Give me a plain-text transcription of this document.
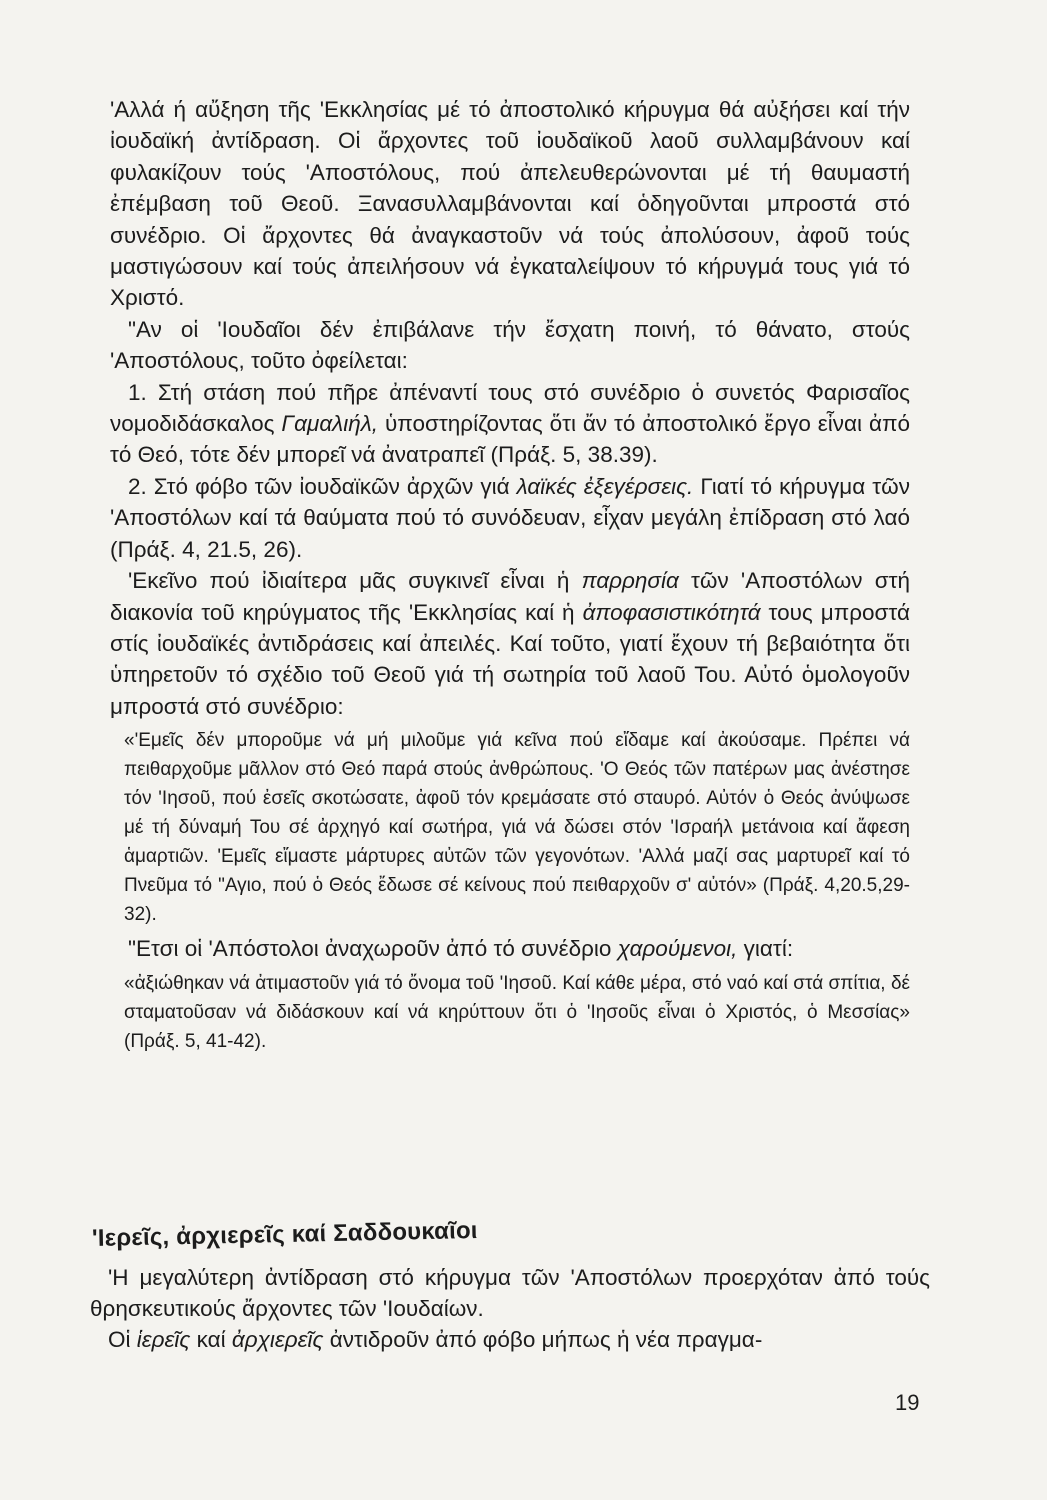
'Αλλά ή αὔξηση τῆς 'Εκκλησίας μέ τό ἀποστολικό κήρυγμα θά αὐξήσει καί τήν ἰουδαϊκή ἀντίδραση. Οἱ ἄρχοντες τοῦ ἰουδαϊκοῦ λαοῦ συλλαμβάνουν καί φυλακίζουν τούς 'Αποστόλους, πού ἀπελευθερώνονται μέ τή θαυμαστή ἐπέμβαση τοῦ Θεοῦ. Ξανασυλλαμβάνονται καί ὁδηγοῦνται μπροστά στό συνέδριο. Οἱ ἄρχοντες θά ἀναγκαστοῦν νά τούς ἀπολύσουν, ἀφοῦ τούς μαστιγώσουν καί τούς ἀπειλήσουν νά ἐγκαταλείψουν τό κήρυγμά τους γιά τό Χριστό.

"Αν οἱ 'Ιουδαῖοι δέν ἐπιβάλανε τήν ἔσχατη ποινή, τό θάνατο, στούς 'Αποστόλους, τοῦτο ὀφείλεται:

1. Στή στάση πού πῆρε ἀπέναντί τους στό συνέδριο ὁ συνετός Φαρισαῖος νομοδιδάσκαλος Γαμαλιήλ, ὑποστηρίζοντας ὅτι ἄν τό ἀποστολικό ἔργο εἶναι ἀπό τό Θεό, τότε δέν μπορεῖ νά ἀνατραπεῖ (Πράξ. 5, 38.39).

2. Στό φόβο τῶν ἰουδαϊκῶν ἀρχῶν γιά λαϊκές ἐξεγέρσεις. Γιατί τό κήρυγμα τῶν 'Αποστόλων καί τά θαύματα πού τό συνόδευαν, εἶχαν μεγάλη ἐπίδραση στό λαό (Πράξ. 4, 21.5, 26).

'Εκεῖνο πού ἰδιαίτερα μᾶς συγκινεῖ εἶναι ἡ παρρησία τῶν 'Αποστόλων στή διακονία τοῦ κηρύγματος τῆς 'Εκκλησίας καί ἡ ἀποφασιστικότητά τους μπροστά στίς ἰουδαϊκές ἀντιδράσεις καί ἀπειλές. Καί τοῦτο, γιατί ἔχουν τή βεβαιότητα ὅτι ὑπηρετοῦν τό σχέδιο τοῦ Θεοῦ γιά τή σωτηρία τοῦ λαοῦ Του. Αὐτό ὁμολογοῦν μπροστά στό συνέδριο:

«'Εμεῖς δέν μποροῦμε νά μή μιλοῦμε γιά κεῖνα πού εἴδαμε καί ἀκούσαμε. Πρέπει νά πειθαρχοῦμε μᾶλλον στό Θεό παρά στούς ἀνθρώπους. 'Ο Θεός τῶν πατέρων μας ἀνέστησε τόν 'Ιησοῦ, πού ἐσεῖς σκοτώσατε, ἀφοῦ τόν κρεμάσατε στό σταυρό. Αὐτόν ὁ Θεός ἀνύψωσε μέ τή δύναμή Του σέ ἀρχηγό καί σωτήρα, γιά νά δώσει στόν 'Ισραήλ μετάνοια καί ἄφεση ἁμαρτιῶν. 'Εμεῖς εἴμαστε μάρτυρες αὐτῶν τῶν γεγονότων. 'Αλλά μαζί σας μαρτυρεῖ καί τό Πνεῦμα τό "Αγιο, πού ὁ Θεός ἔδωσε σέ κείνους πού πειθαρχοῦν σ' αὐτόν» (Πράξ. 4,20.5,29-32).

"Ετσι οἱ 'Απόστολοι ἀναχωροῦν ἀπό τό συνέδριο χαρούμενοι, γιατί:

«ἀξιώθηκαν νά ἀτιμαστοῦν γιά τό ὄνομα τοῦ 'Ιησοῦ. Καί κάθε μέρα, στό ναό καί στά σπίτια, δέ σταματοῦσαν νά διδάσκουν καί νά κηρύττουν ὅτι ὁ 'Ιησοῦς εἶναι ὁ Χριστός, ὁ Μεσσίας» (Πράξ. 5, 41-42).

'Ιερεῖς, ἀρχιερεῖς καί Σαδδουκαῖοι

'Η μεγαλύτερη ἀντίδραση στό κήρυγμα τῶν 'Αποστόλων προερχόταν ἀπό τούς θρησκευτικούς ἄρχοντες τῶν 'Ιουδαίων.

Οἱ ἱερεῖς καί ἀρχιερεῖς ἀντιδροῦν ἀπό φόβο μήπως ἡ νέα πραγμα-

19
